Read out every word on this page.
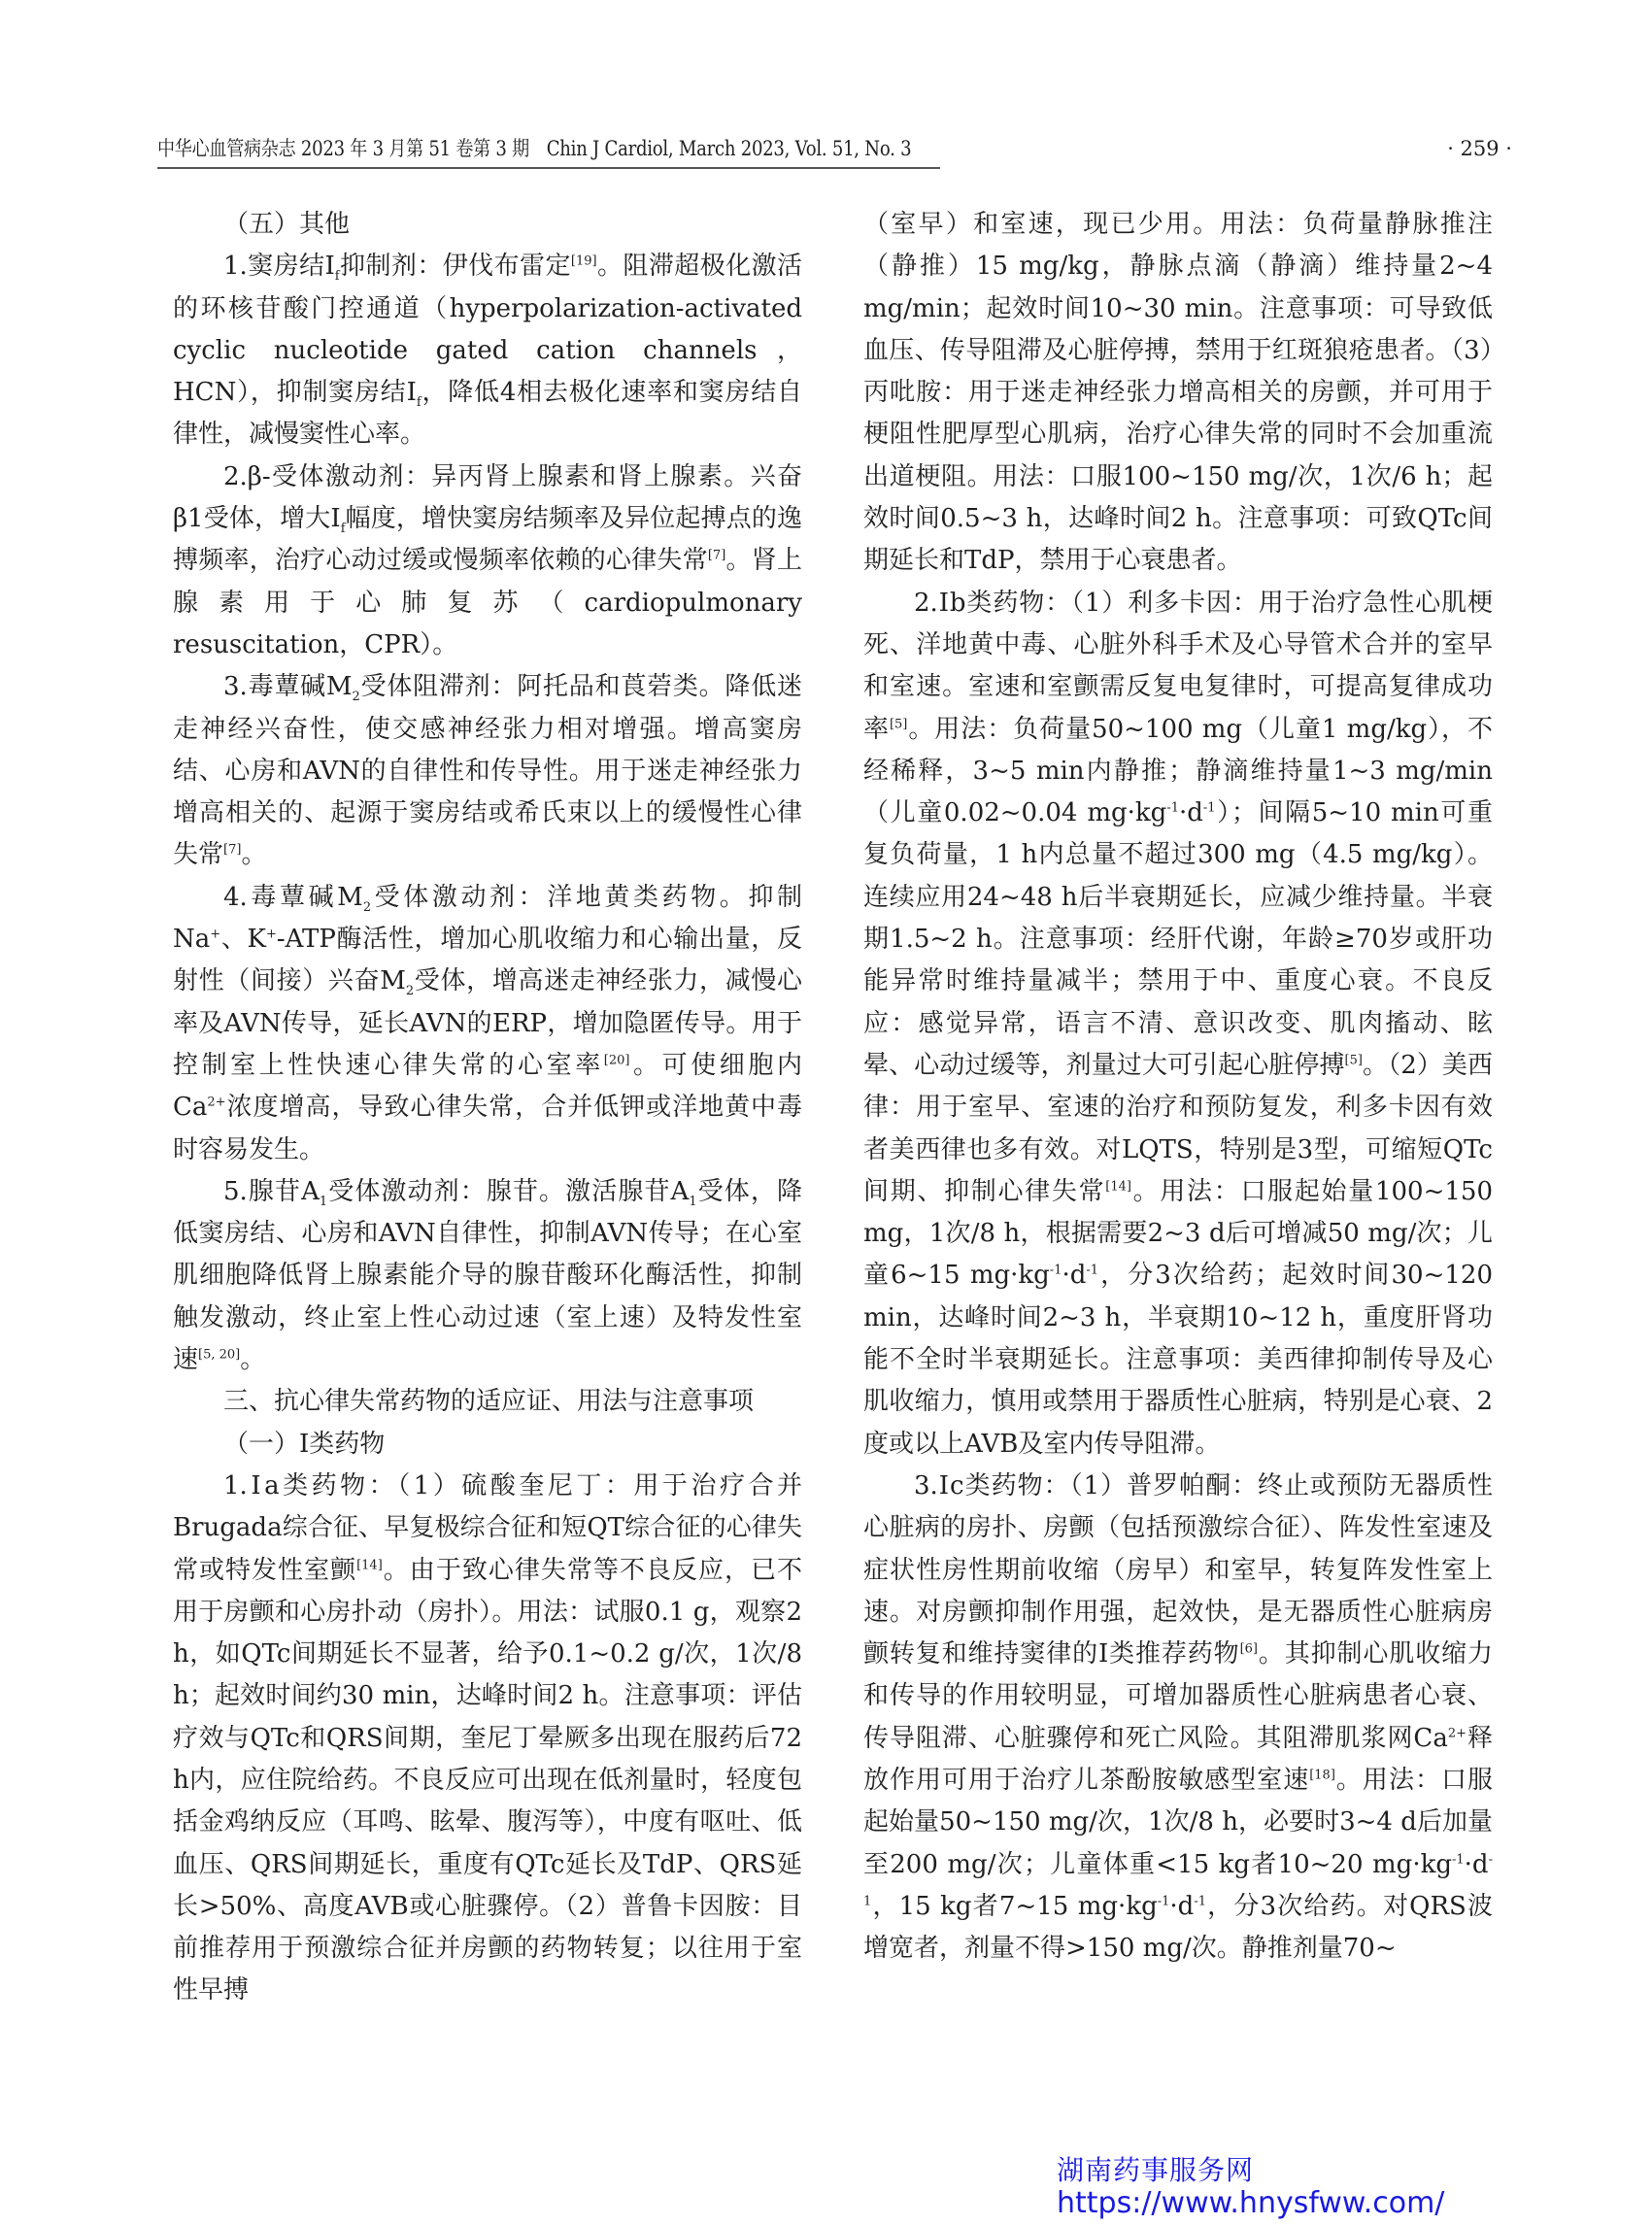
中华心血管病杂志 2023 年 3 月第 51 卷第 3 期　Chin J Cardiol, March 2023, Vol. 51, No. 3	· 259 ·

（五）其他

1.窦房结$I_f$抑制剂：伊伐布雷定[19]。阻滞超极化激活的环核苷酸门控通道（hyperpolarization-activated cyclic nucleotide gated cation channels，HCN），抑制窦房结$I_f$，降低4相去极化速率和窦房结自律性，减慢窦性心率。

2.β-受体激动剂：异丙肾上腺素和肾上腺素。兴奋β1受体，增大$I_f$幅度，增快窦房结频率及异位起搏点的逸搏频率，治疗心动过缓或慢频率依赖的心律失常[7]。肾上腺素用于心肺复苏（cardiopulmonary resuscitation，CPR）。

3.毒蕈碱$M_2$受体阻滞剂：阿托品和莨菪类。降低迷走神经兴奋性，使交感神经张力相对增强。增高窦房结、心房和AVN的自律性和传导性。用于迷走神经张力增高相关的、起源于窦房结或希氏束以上的缓慢性心律失常[7]。

4.毒蕈碱$M_2$受体激动剂：洋地黄类药物。抑制Na+、K+-ATP酶活性，增加心肌收缩力和心输出量，反射性（间接）兴奋$M_2$受体，增高迷走神经张力，减慢心率及AVN传导，延长AVN的ERP，增加隐匿传导。用于控制室上性快速心律失常的心室率[20]。可使细胞内$Ca^{2+}$浓度增高，导致心律失常，合并低钾或洋地黄中毒时容易发生。

5.腺苷$A_1$受体激动剂：腺苷。激活腺苷$A_1$受体，降低窦房结、心房和AVN自律性，抑制AVN传导；在心室肌细胞降低肾上腺素能介导的腺苷酸环化酶活性，抑制触发激动，终止室上性心动过速（室上速）及特发性室速[5, 20]。

三、抗心律失常药物的适应证、用法与注意事项

（一）Ⅰ类药物

1.Ⅰa类药物：（1）硫酸奎尼丁：用于治疗合并Brugada综合征、早复极综合征和短QT综合征的心律失常或特发性室颤[14]。由于致心律失常等不良反应，已不用于房颤和心房扑动（房扑）。用法：试服0.1 g，观察2 h，如QTc间期延长不显著，给予0.1~0.2 g/次，1次/8 h；起效时间约30 min，达峰时间2 h。注意事项：评估疗效与QTc和QRS间期，奎尼丁晕厥多出现在服药后72 h内，应住院给药。不良反应可出现在低剂量时，轻度包括金鸡纳反应（耳鸣、眩晕、腹泻等），中度有呕吐、低血压、QRS间期延长，重度有QTc延长及TdP、QRS延长>50%、高度AVB或心脏骤停。（2）普鲁卡因胺：目前推荐用于预激综合征并房颤的药物转复；以往用于室性早搏

（室早）和室速，现已少用。用法：负荷量静脉推注（静推）15 mg/kg，静脉点滴（静滴）维持量2~4 mg/min；起效时间10~30 min。注意事项：可导致低血压、传导阻滞及心脏停搏，禁用于红斑狼疮患者。（3）丙吡胺：用于迷走神经张力增高相关的房颤，并可用于梗阻性肥厚型心肌病，治疗心律失常的同时不会加重流出道梗阻。用法：口服100~150 mg/次，1次/6 h；起效时间0.5~3 h，达峰时间2 h。注意事项：可致QTc间期延长和TdP，禁用于心衰患者。

2.Ⅰb类药物：（1）利多卡因：用于治疗急性心肌梗死、洋地黄中毒、心脏外科手术及心导管术合并的室早和室速。室速和室颤需反复电复律时，可提高复律成功率[5]。用法：负荷量50~100 mg（儿童1 mg/kg），不经稀释，3~5 min内静推；静滴维持量1~3 mg/min（儿童0.02~0.04 $mg\cdot kg^{-1}\cdot d^{-1}$）；间隔5~10 min可重复负荷量，1 h内总量不超过300 mg（4.5 mg/kg）。连续应用24~48 h后半衰期延长，应减少维持量。半衰期1.5~2 h。注意事项：经肝代谢，年龄≥70岁或肝功能异常时维持量减半；禁用于中、重度心衰。不良反应：感觉异常，语言不清、意识改变、肌肉搐动、眩晕、心动过缓等，剂量过大可引起心脏停搏[5]。（2）美西律：用于室早、室速的治疗和预防复发，利多卡因有效者美西律也多有效。对LQTS，特别是3型，可缩短QTc间期、抑制心律失常[14]。用法：口服起始量100~150 mg，1次/8 h，根据需要2~3 d后可增减50 mg/次；儿童6~15 $mg\cdot kg^{-1}\cdot d^{-1}$，分3次给药；起效时间30~120 min，达峰时间2~3 h，半衰期10~12 h，重度肝肾功能不全时半衰期延长。注意事项：美西律抑制传导及心肌收缩力，慎用或禁用于器质性心脏病，特别是心衰、2度或以上AVB及室内传导阻滞。

3.Ⅰc类药物：（1）普罗帕酮：终止或预防无器质性心脏病的房扑、房颤（包括预激综合征）、阵发性室速及症状性房性期前收缩（房早）和室早，转复阵发性室上速。对房颤抑制作用强，起效快，是无器质性心脏病房颤转复和维持窦律的Ⅰ类推荐药物[6]。其抑制心肌收缩力和传导的作用较明显，可增加器质性心脏病患者心衰、传导阻滞、心脏骤停和死亡风险。其阻滞肌浆网$Ca^{2+}$释放作用可用于治疗儿茶酚胺敏感型室速[18]。用法：口服起始量50~150 mg/次，1次/8 h，必要时3~4 d后加量至200 mg/次；儿童体重<15 kg者10~20 $mg\cdot kg^{-1}\cdot d^{-1}$，15 kg者7~15 $mg\cdot kg^{-1}\cdot d^{-1}$，分3次给药。对QRS波增宽者，剂量不得>150 mg/次。静推剂量70~

湖南药事服务网
https://www.hnysfww.com/
